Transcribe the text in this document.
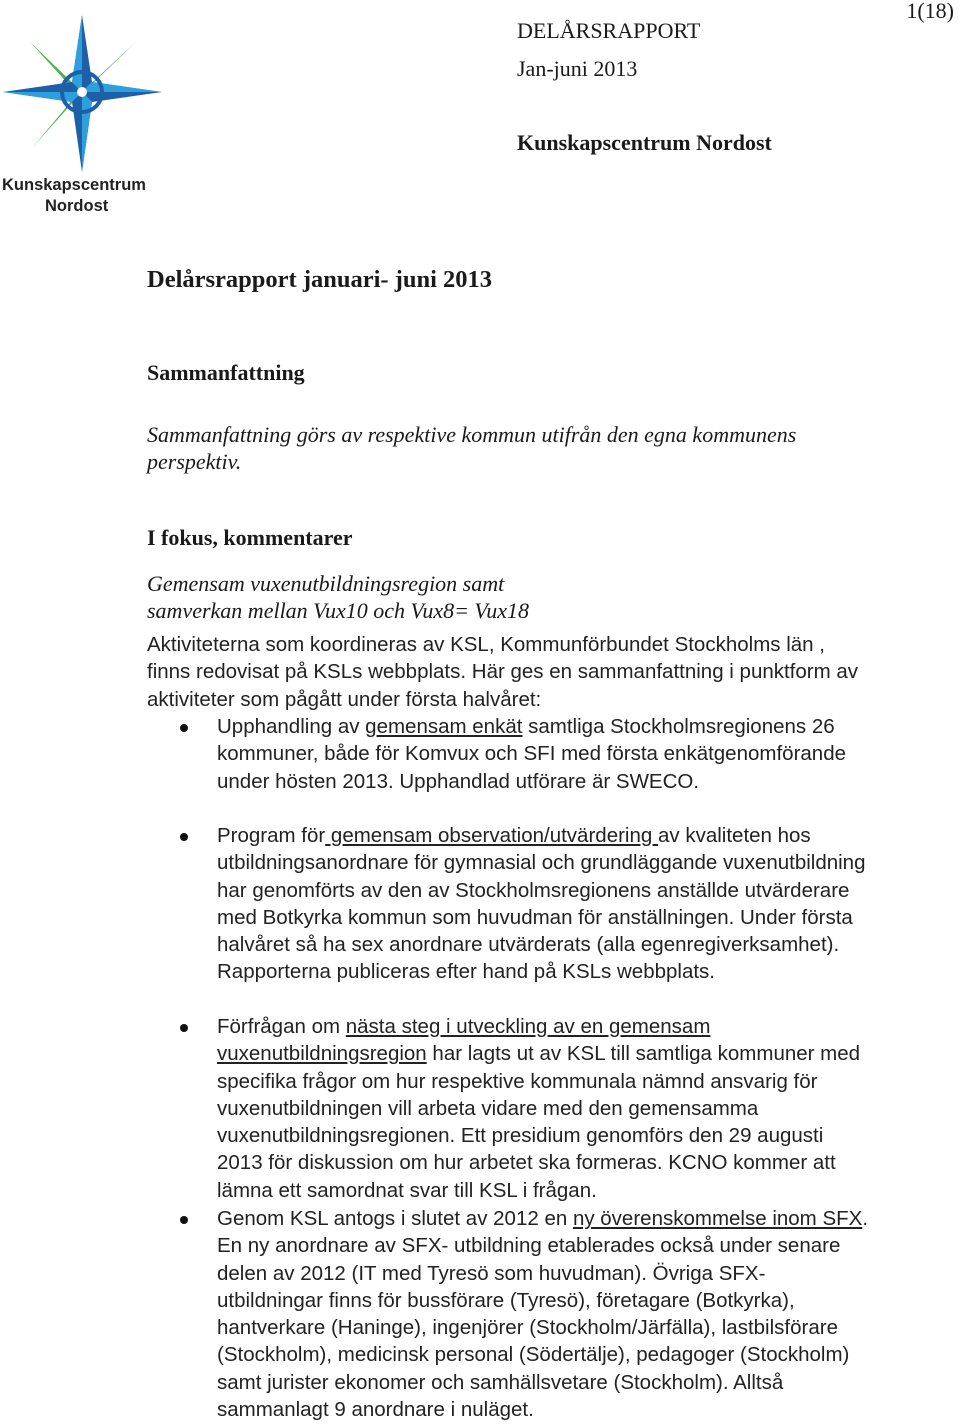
Kunskapscentrum
Nordost
1(18)
DELÅRSRAPPORT
Jan-juni 2013
Kunskapscentrum Nordost
Delårsrapport januari- juni 2013
Sammanfattning

Sammanfattning görs av respektive kommun utifrån den egna kommunens perspektiv.

I fokus, kommentarer

Gemensam vuxenutbildningsregion samt

samverkan mellan Vux10 och Vux8= Vux18

Aktiviteterna som koordineras av KSL, Kommunförbundet Stockholms län , finns redovisat på KSLs webbplats. Här ges en sammanfattning i punktform av aktiviteter som pågått under första halvåret:

Upphandling av gemensam enkät samtliga Stockholmsregionens 26 kommuner, både för Komvux och SFI med första enkätgenomförande under hösten 2013. Upphandlad utförare är SWECO.
Program för gemensam observation/utvärdering av kvaliteten hos utbildningsanordnare för gymnasial och grundläggande vuxenutbildning har genomförts av den av Stockholmsregionens anställde utvärderare med Botkyrka kommun som huvudman för anställningen. Under första halvåret så ha sex anordnare utvärderats (alla egenregiverksamhet). Rapporterna publiceras efter hand på KSLs webbplats.
Förfrågan om nästa steg i utveckling av en gemensam vuxenutbildningsregion har lagts ut av KSL till samtliga kommuner med specifika frågor om hur respektive kommunala nämnd ansvarig för vuxenutbildningen vill arbeta vidare med den gemensamma vuxenutbildningsregionen. Ett presidium genomförs den 29 augusti 2013 för diskussion om hur arbetet ska formeras. KCNO kommer att lämna ett samordnat svar till KSL i frågan.
Genom KSL antogs i slutet av 2012 en ny överenskommelse inom SFX. En ny anordnare av SFX- utbildning etablerades också under senare delen av 2012 (IT med Tyresö som huvudman). Övriga SFX-utbildningar finns för bussförare (Tyresö), företagare (Botkyrka), hantverkare (Haninge), ingenjörer (Stockholm/Järfälla), lastbilsförare (Stockholm), medicinsk personal (Södertälje), pedagoger (Stockholm) samt jurister ekonomer och samhällsvetare (Stockholm). Alltså sammanlagt 9 anordnare i nuläget.
